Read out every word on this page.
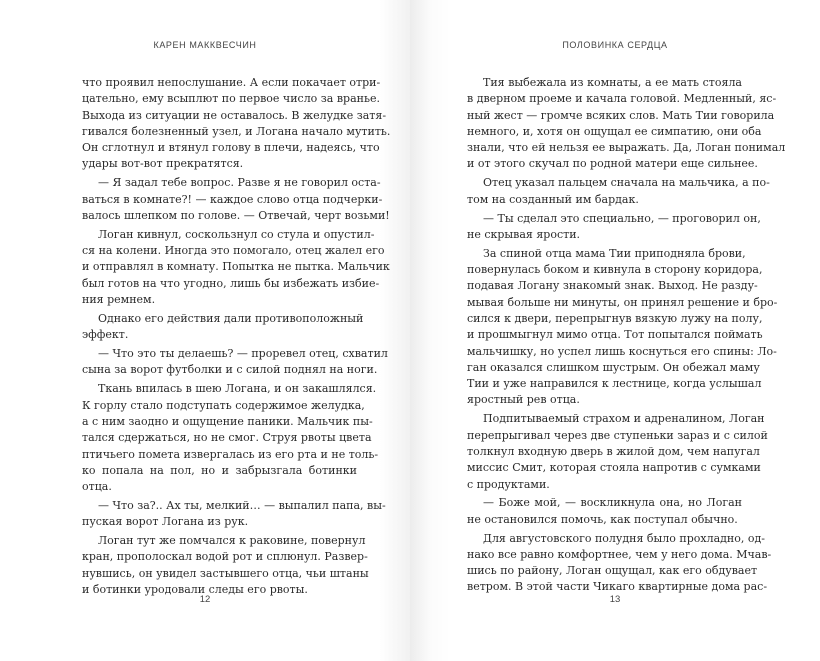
КАРЕН МАККВЕСЧИН
что проявил непослушание. А если покачает отри-
цательно, ему всыплют по первое число за вранье.
Выхода из ситуации не оставалось. В желудке затя-
гивался болезненный узел, и Логана начало мутить.
Он сглотнул и втянул голову в плечи, надеясь, что
удары вот-вот прекратятся.
— Я задал тебе вопрос. Разве я не говорил оста-
ваться в комнате?! — каждое слово отца подчерки-
валось шлепком по голове. — Отвечай, черт возьми!
Логан кивнул, соскользнул со стула и опустил-
ся на колени. Иногда это помогало, отец жалел его
и отправлял в комнату. Попытка не пытка. Мальчик
был готов на что угодно, лишь бы избежать избие-
ния ремнем.
Однако его действия дали противоположный
эффект.
— Что это ты делаешь? — проревел отец, схватил
сына за ворот футболки и с силой поднял на ноги.
Ткань впилась в шею Логана, и он закашлялся.
К горлу стало подступать содержимое желудка,
а с ним заодно и ощущение паники. Мальчик пы-
тался сдержаться, но не смог. Струя рвоты цвета
птичьего помета извергалась из его рта и не толь-
ко попала на пол, но и забрызгала ботинки
отца.
— Что за?.. Ах ты, мелкий… — выпалил папа, вы-
пуская ворот Логана из рук.
Логан тут же помчался к раковине, повернул
кран, прополоскал водой рот и сплюнул. Развер-
нувшись, он увидел застывшего отца, чьи штаны
и ботинки уродовали следы его рвоты.
12
ПОЛОВИНКА СЕРДЦА
Тия выбежала из комнаты, а ее мать стояла
в дверном проеме и качала головой. Медленный, яс-
ный жест — громче всяких слов. Мать Тии говорила
немного, и, хотя он ощущал ее симпатию, они оба
знали, что ей нельзя ее выражать. Да, Логан понимал
и от этого скучал по родной матери еще сильнее.
Отец указал пальцем сначала на мальчика, а по-
том на созданный им бардак.
— Ты сделал это специально, — проговорил он,
не скрывая ярости.
За спиной отца мама Тии приподняла брови,
повернулась боком и кивнула в сторону коридора,
подавая Логану знакомый знак. Выход. Не разду-
мывая больше ни минуты, он принял решение и бро-
сился к двери, перепрыгнув вязкую лужу на полу,
и прошмыгнул мимо отца. Тот попытался поймать
мальчишку, но успел лишь коснуться его спины: Ло-
ган оказался слишком шустрым. Он обежал маму
Тии и уже направился к лестнице, когда услышал
яростный рев отца.
Подпитываемый страхом и адреналином, Логан
перепрыгивал через две ступеньки зараз и с силой
толкнул входную дверь в жилой дом, чем напугал
миссис Смит, которая стояла напротив с сумками
с продуктами.
— Боже мой, — воскликнула она, но Логан
не остановился помочь, как поступал обычно.
Для августовского полудня было прохладно, од-
нако все равно комфортнее, чем у него дома. Мчав-
шись по району, Логан ощущал, как его обдувает
ветром. В этой части Чикаго квартирные дома рас-
13
